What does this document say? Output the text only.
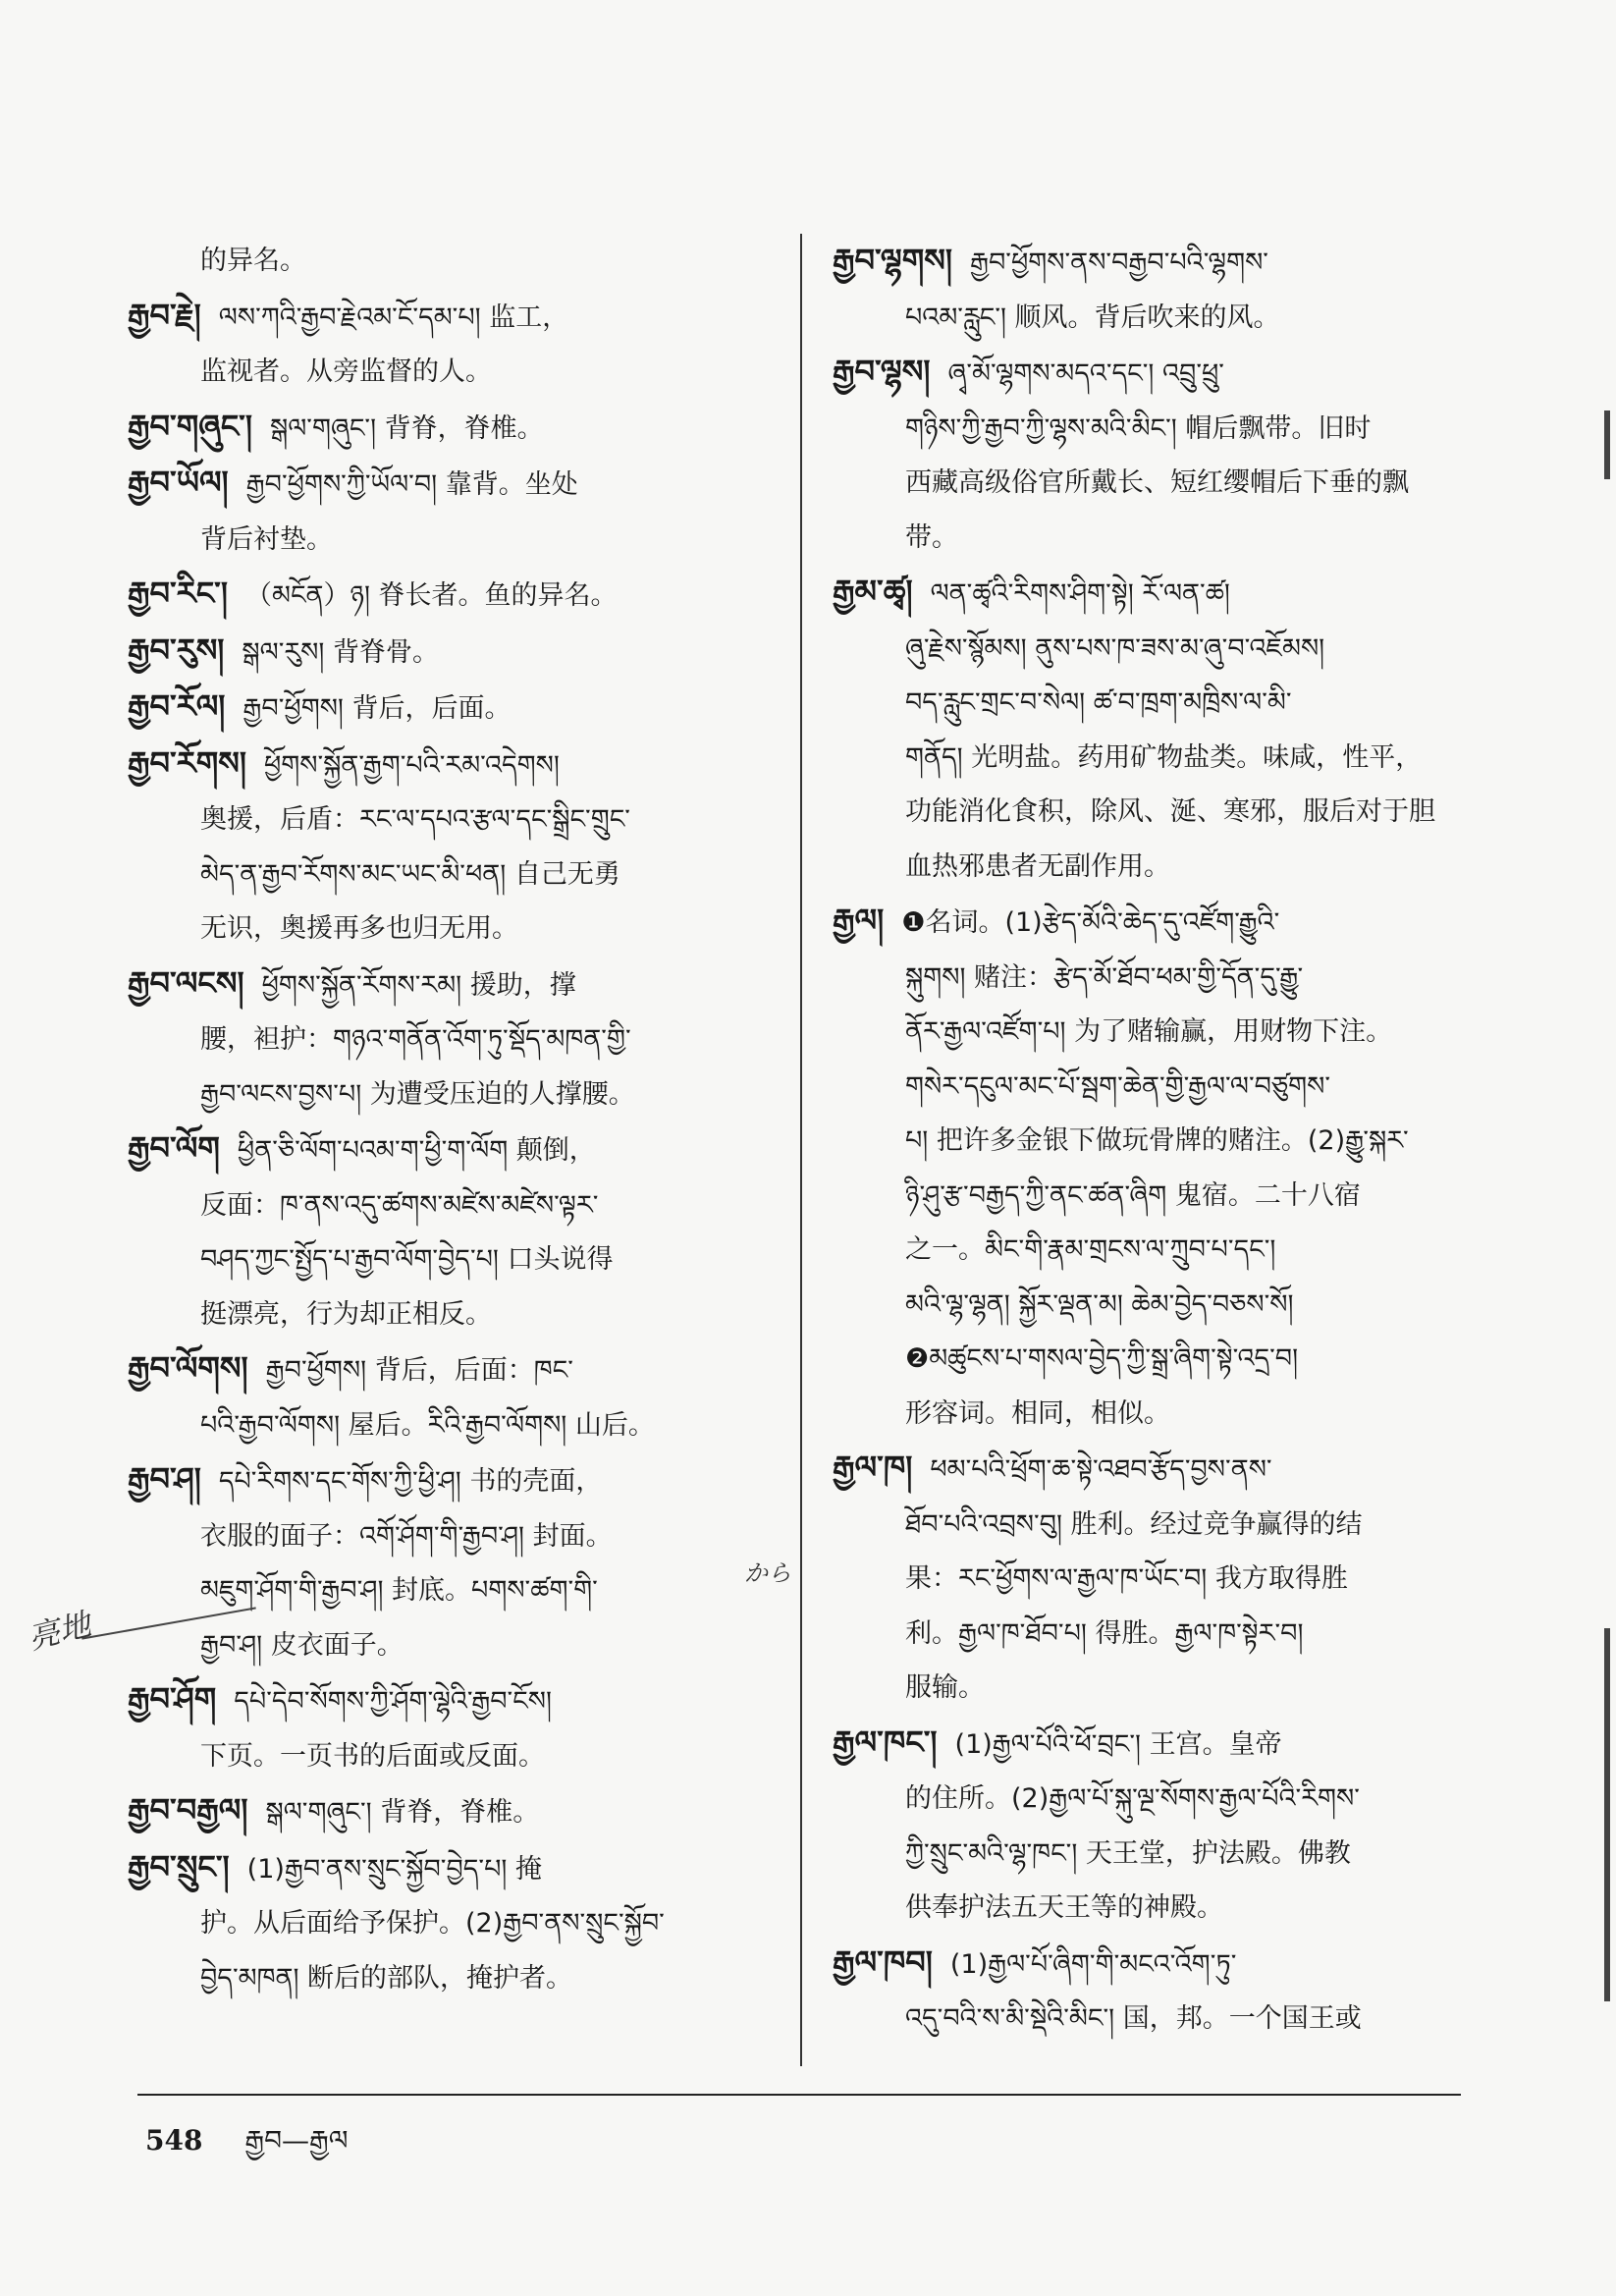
的异名。
རྒྱབ་རྗེ། ལས་ཀའི་རྒྱབ་རྗེའམ་ངོ་དམ་པ། 监工，
监视者。从旁监督的人。
རྒྱབ་གཞུང་། སྒལ་གཞུང་། 背脊，脊椎。
རྒྱབ་ཡོལ། རྒྱབ་ཕྱོགས་ཀྱི་ཡོལ་བ། 靠背。坐处
背后衬垫。
རྒྱབ་རིང་། （མངོན）ཉ། 脊长者。鱼的异名。
རྒྱབ་རུས། སྒལ་རུས། 背脊骨。
རྒྱབ་རོལ། རྒྱབ་ཕྱོགས། 背后，后面。
རྒྱབ་རོགས། ཕྱོགས་སྐྱོན་རྒྱག་པའི་རམ་འདེགས།
奥援，后盾：རང་ལ་དཔའ་རྩལ་དང་སྒྲིང་གྲུང་
མེད་ན་རྒྱབ་རོགས་མང་ཡང་མི་ཕན། 自己无勇
无识，奥援再多也归无用。
རྒྱབ་ལངས། ཕྱོགས་སྐྱོན་རོགས་རམ། 援助，撑
腰，袒护：གཉའ་གནོན་འོག་ཏུ་སྡོད་མཁན་གྱི་
རྒྱབ་ལངས་བྱས་པ། 为遭受压迫的人撑腰。
རྒྱབ་ལོག ཕྱིན་ཅི་ལོག་པའམ་ག་ཕྱི་ག་ལོག 颠倒，
反面：ཁ་ནས་འདུ་ཚགས་མཛེས་མཛེས་ལྟར་
བཤད་ཀྱང་སྤྱོད་པ་རྒྱབ་ལོག་བྱེད་པ། 口头说得
挺漂亮，行为却正相反。
རྒྱབ་ལོགས། རྒྱབ་ཕྱོགས། 背后，后面：ཁང་
པའི་རྒྱབ་ལོགས། 屋后。རིའི་རྒྱབ་ལོགས། 山后。
རྒྱབ་ཤ། དཔེ་རིགས་དང་གོས་ཀྱི་ཕྱི་ཤ། 书的壳面，
衣服的面子：འགོ་ཤོག་གི་རྒྱབ་ཤ། 封面。
མཇུག་ཤོག་གི་རྒྱབ་ཤ། 封底。པགས་ཚག་གི་
རྒྱབ་ཤ། 皮衣面子。
རྒྱབ་ཤོག དཔེ་དེབ་སོགས་ཀྱི་ཤོག་ལྷེའི་རྒྱབ་ངོས།
下页。一页书的后面或反面。
རྒྱབ་བརྒྱལ། སྒལ་གཞུང་། 背脊，脊椎。
རྒྱབ་སྲུང་། (1)རྒྱབ་ནས་སྲུང་སྐྱོབ་བྱེད་པ། 掩
护。从后面给予保护。(2)རྒྱབ་ནས་སྲུང་སྐྱོབ་
བྱེད་མཁན། 断后的部队，掩护者。
རྒྱབ་ལྷགས། རྒྱབ་ཕྱོགས་ནས་བརྒྱབ་པའི་ལྷགས་
པའམ་རླུང་། 顺风。背后吹来的风。
རྒྱབ་ལྷས། ཞྭ་མོ་ལྷགས་མདའ་དང་། འབྲུ་ཕྲུ་
གཉིས་ཀྱི་རྒྱབ་ཀྱི་ལྷས་མའི་མིང་། 帽后飘带。旧时
西藏高级俗官所戴长、短红缨帽后下垂的飘带。
རྒྱམ་ཚྭ། ལན་ཚྭའི་རིགས་ཤིག་སྟེ། རོ་ལན་ཚ།
ཞུ་རྗེས་སྙོམས། ནུས་པས་ཁ་ཟས་མ་ཞུ་བ་འཇོམས།
བད་རླུང་གྲང་བ་སེལ། ཚ་བ་ཁྲག་མཁྲིས་ལ་མི་
གནོད། 光明盐。药用矿物盐类。味咸，性平，
功能消化食积，除风、涎、寒邪，服后对于胆
血热邪患者无副作用。
རྒྱལ། ❶名词。(1)རྩེད་མོའི་ཆེད་དུ་འཛོག་རྒྱུའི་
སྐུགས། 赌注：རྩེད་མོ་ཐོབ་ཕམ་གྱི་དོན་དུ་རྒྱུ་
ནོར་རྒྱལ་འཛོག་པ། 为了赌输赢，用财物下注。
གསེར་དངུལ་མང་པོ་སྦག་ཆེན་གྱི་རྒྱལ་ལ་བཙུགས་
པ། 把许多金银下做玩骨牌的赌注。(2)རྒྱུ་སྐར་
ཉི་ཤུ་རྩ་བརྒྱད་ཀྱི་ནང་ཚན་ཞིག 鬼宿。二十八宿
之一。མིང་གི་རྣམ་གྲངས་ལ་ཀྲུབ་པ་དང་།
མའི་ལྷ་ལྷན། སྐྱོར་ལྡན་མ། ཆེམ་བྱེད་བཅས་སོ།
❷མཚུངས་པ་གསལ་བྱེད་ཀྱི་སྒྲ་ཞིག་སྟེ་འདྲ་བ།
形容词。相同，相似。
རྒྱལ་ཁ། ཕམ་པའི་ཕྲོག་ཆ་སྟེ་འཐབ་རྩོད་བྱས་ནས་
ཐོབ་པའི་འབྲས་བུ། 胜利。经过竞争赢得的结
果：རང་ཕྱོགས་ལ་རྒྱལ་ཁ་ཡོང་བ། 我方取得胜
利。རྒྱལ་ཁ་ཐོབ་པ། 得胜。རྒྱལ་ཁ་སྟེར་བ།
服输。
རྒྱལ་ཁང་། (1)རྒྱལ་པོའི་ཕོ་བྲང་། 王宫。皇帝
的住所。(2)རྒྱལ་པོ་སྐུ་ལྔ་སོགས་རྒྱལ་པོའི་རིགས་
ཀྱི་སྲུང་མའི་ལྷ་ཁང་། 天王堂，护法殿。佛教
供奉护法五天王等的神殿。
རྒྱལ་ཁབ། (1)རྒྱལ་པོ་ཞིག་གི་མངའ་འོག་ཏུ་
འདུ་བའི་ས་མི་སྡེའི་མིང་། 国，邦。一个国王或
548 རྒྱབ—རྒྱལ
亮地
から
